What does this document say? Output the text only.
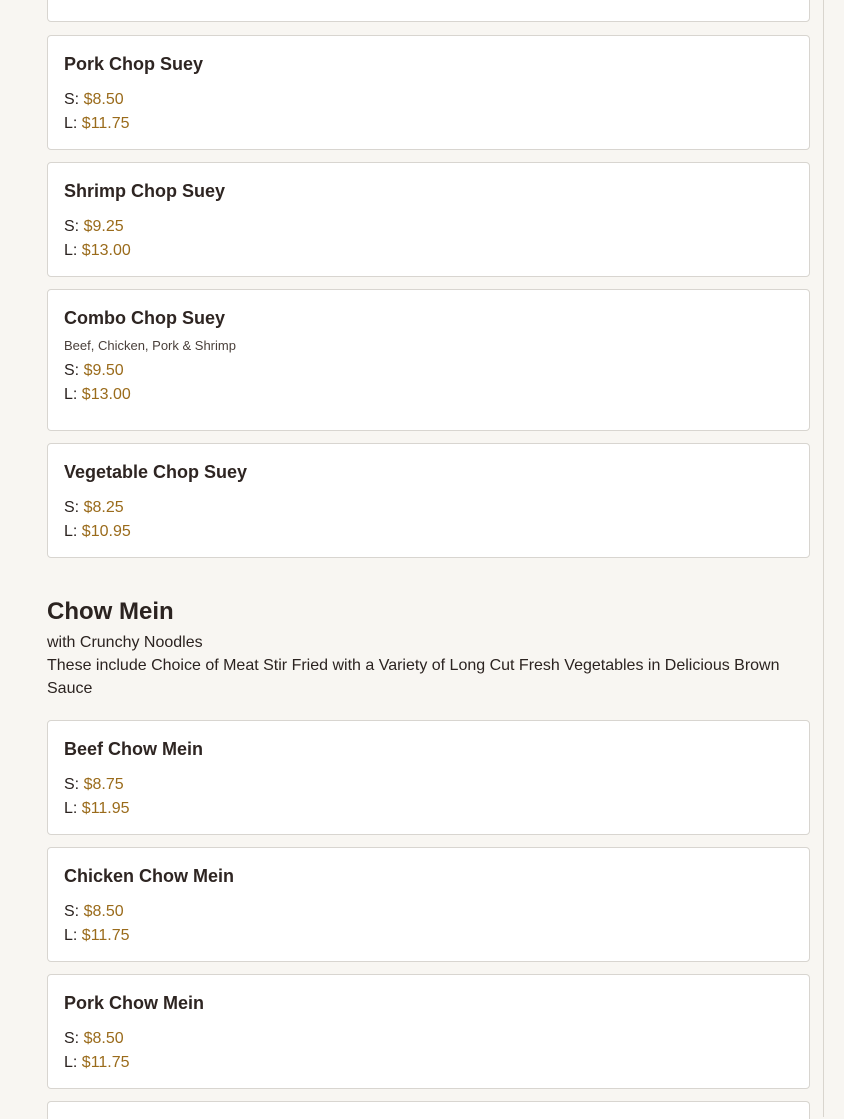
Pork Chop Suey
S: $8.50
L: $11.75
Shrimp Chop Suey
S: $9.25
L: $13.00
Combo Chop Suey
Beef, Chicken, Pork & Shrimp
S: $9.50
L: $13.00
Vegetable Chop Suey
S: $8.25
L: $10.95
Chow Mein
with Crunchy Noodles
These include Choice of Meat Stir Fried with a Variety of Long Cut Fresh Vegetables in Delicious Brown Sauce
Beef Chow Mein
S: $8.75
L: $11.95
Chicken Chow Mein
S: $8.50
L: $11.75
Pork Chow Mein
S: $8.50
L: $11.75
